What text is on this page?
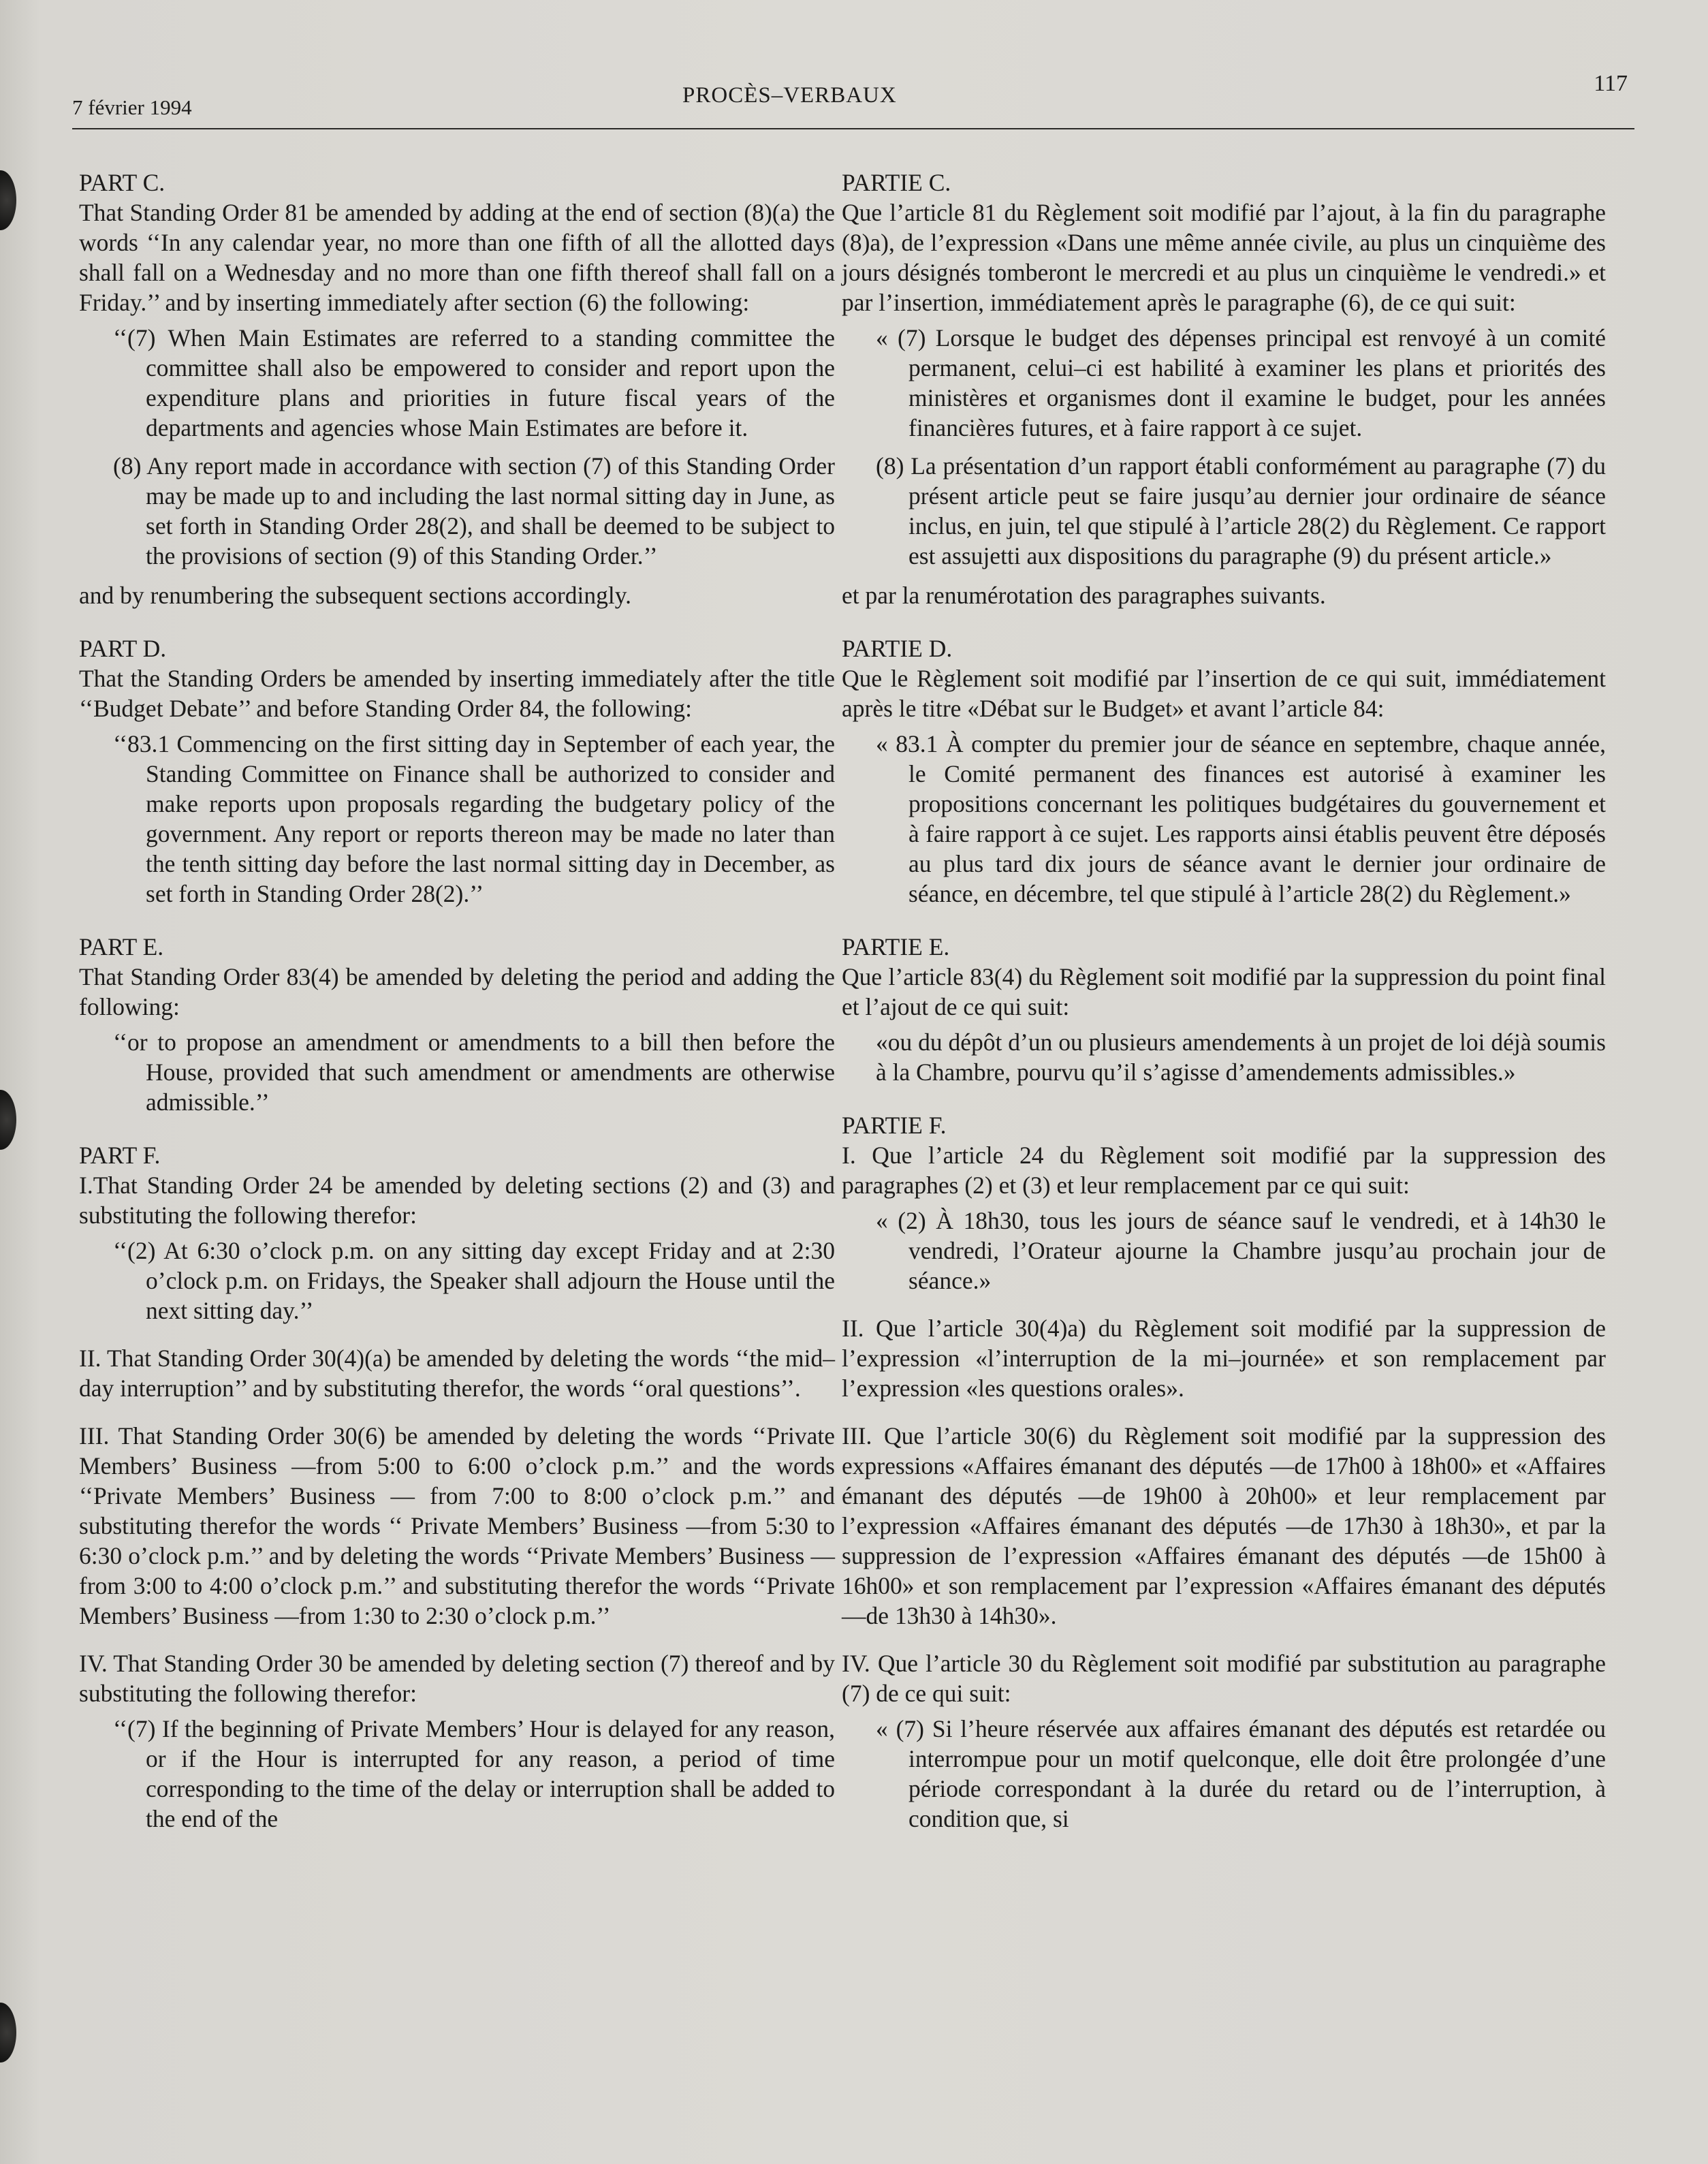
7 février 1994	PROCÈS–VERBAUX	117

PART C.

That Standing Order 81 be amended by adding at the end of section (8)(a) the words ‘‘In any calendar year, no more than one fifth of all the allotted days shall fall on a Wednesday and no more than one fifth thereof shall fall on a Friday.’’ and by inserting immediately after section (6) the following:

‘‘(7) When Main Estimates are referred to a standing committee the committee shall also be empowered to consider and report upon the expenditure plans and priorities in future fiscal years of the departments and agencies whose Main Estimates are before it.

(8) Any report made in accordance with section (7) of this Standing Order may be made up to and including the last normal sitting day in June, as set forth in Standing Order 28(2), and shall be deemed to be subject to the provisions of section (9) of this Standing Order.’’

and by renumbering the subsequent sections accordingly.

PART D.

That the Standing Orders be amended by inserting immediately after the title ‘‘Budget Debate’’ and before Standing Order 84, the following:

‘‘83.1 Commencing on the first sitting day in September of each year, the Standing Committee on Finance shall be authorized to consider and make reports upon proposals regarding the budgetary policy of the government. Any report or reports thereon may be made no later than the tenth sitting day before the last normal sitting day in December, as set forth in Standing Order 28(2).’’

PART E.

That Standing Order 83(4) be amended by deleting the period and adding the following:

‘‘or to propose an amendment or amendments to a bill then before the House, provided that such amendment or amendments are otherwise admissible.’’

PART F.

I.That Standing Order 24 be amended by deleting sections (2) and (3) and substituting the following therefor:

‘‘(2) At 6:30 o’clock p.m. on any sitting day except Friday and at 2:30 o’clock p.m. on Fridays, the Speaker shall adjourn the House until the next sitting day.’’

II. That Standing Order 30(4)(a) be amended by deleting the words ‘‘the mid–day interruption’’ and by substituting therefor, the words ‘‘oral questions’’.

III. That Standing Order 30(6) be amended by deleting the words ‘‘Private Members’ Business —from 5:00 to 6:00 o’clock p.m.’’ and the words ‘‘Private Members’ Business — from 7:00 to 8:00 o’clock p.m.’’ and substituting therefor the words ‘‘ Private Members’ Business —from 5:30 to 6:30 o’clock p.m.’’ and by deleting the words ‘‘Private Members’ Business —from 3:00 to 4:00 o’clock p.m.’’ and substituting therefor the words ‘‘Private Members’ Business —from 1:30 to 2:30 o’clock p.m.’’

IV. That Standing Order 30 be amended by deleting section (7) thereof and by substituting the following therefor:

‘‘(7) If the beginning of Private Members’ Hour is delayed for any reason, or if the Hour is interrupted for any reason, a period of time corresponding to the time of the delay or interruption shall be added to the end of the

PARTIE C.

Que l’article 81 du Règlement soit modifié par l’ajout, à la fin du paragraphe (8)a), de l’expression «Dans une même année civile, au plus un cinquième des jours désignés tomberont le mercredi et au plus un cinquième le vendredi.» et par l’insertion, immédiatement après le paragraphe (6), de ce qui suit:

« (7) Lorsque le budget des dépenses principal est renvoyé à un comité permanent, celui–ci est habilité à examiner les plans et priorités des ministères et organismes dont il examine le budget, pour les années financières futures, et à faire rapport à ce sujet.

(8) La présentation d’un rapport établi conformément au paragraphe (7) du présent article peut se faire jusqu’au dernier jour ordinaire de séance inclus, en juin, tel que stipulé à l’article 28(2) du Règlement. Ce rapport est assujetti aux dispositions du paragraphe (9) du présent article.»

et par la renumérotation des paragraphes suivants.

PARTIE D.

Que le Règlement soit modifié par l’insertion de ce qui suit, immédiatement après le titre «Débat sur le Budget» et avant l’article 84:

« 83.1 À compter du premier jour de séance en septembre, chaque année, le Comité permanent des finances est autorisé à examiner les propositions concernant les politiques budgétaires du gouvernement et à faire rapport à ce sujet. Les rapports ainsi établis peuvent être déposés au plus tard dix jours de séance avant le dernier jour ordinaire de séance, en décembre, tel que stipulé à l’article 28(2) du Règlement.»

PARTIE E.

Que l’article 83(4) du Règlement soit modifié par la suppression du point final et l’ajout de ce qui suit:

«ou du dépôt d’un ou plusieurs amendements à un projet de loi déjà soumis à la Chambre, pourvu qu’il s’agisse d’amendements admissibles.»

PARTIE F.

I. Que l’article 24 du Règlement soit modifié par la suppression des paragraphes (2) et (3) et leur remplacement par ce qui suit:

« (2) À 18h30, tous les jours de séance sauf le vendredi, et à 14h30 le vendredi, l’Orateur ajourne la Chambre jusqu’au prochain jour de séance.»

II. Que l’article 30(4)a) du Règlement soit modifié par la suppression de l’expression «l’interruption de la mi–journée» et son remplacement par l’expression «les questions orales».

III. Que l’article 30(6) du Règlement soit modifié par la suppression des expressions «Affaires émanant des députés —de 17h00 à 18h00» et «Affaires émanant des députés —de 19h00 à 20h00» et leur remplacement par l’expression «Affaires émanant des députés —de 17h30 à 18h30», et par la suppression de l’expression «Affaires émanant des députés —de 15h00 à 16h00» et son remplacement par l’expression «Affaires émanant des députés —de 13h30 à 14h30».

IV. Que l’article 30 du Règlement soit modifié par substitution au paragraphe (7) de ce qui suit:

« (7) Si l’heure réservée aux affaires émanant des députés est retardée ou interrompue pour un motif quelconque, elle doit être prolongée d’une période correspondant à la durée du retard ou de l’interruption, à condition que, si
